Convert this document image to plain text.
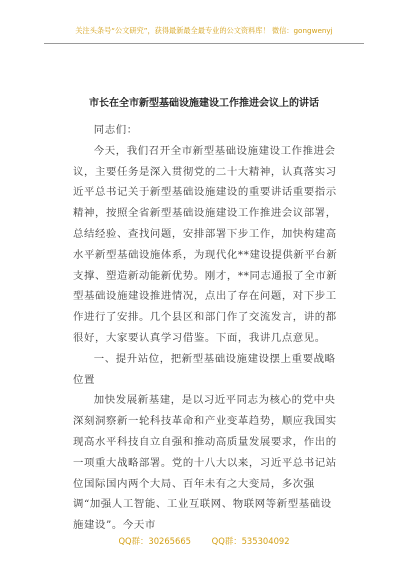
关注头条号“公文研究”，获得最新最全最专业的公文资料库！ 微信：gongwenyj
市长在全市新型基础设施建设工作推进会议上的讲话

同志们：

今天，我们召开全市新型基础设施建设工作推进会议，主要任务是深入贯彻党的二十大精神，认真落实习近平总书记关于新型基础设施建设的重要讲话重要指示精神，按照全省新型基础设施建设工作推进会议部署，总结经验、查找问题，安排部署下步工作，加快构建高水平新型基础设施体系，为现代化**建设提供新平台新支撑、塑造新动能新优势。刚才，**同志通报了全市新型基础设施建设推进情况，点出了存在问题，对下步工作进行了安排。几个县区和部门作了交流发言，讲的都很好，大家要认真学习借鉴。下面，我讲几点意见。

一、提升站位，把新型基础设施建设摆上重要战略位置

加快发展新基建，是以习近平同志为核心的党中央深刻洞察新一轮科技革命和产业变革趋势，顺应我国实现高水平科技自立自强和推动高质量发展要求，作出的一项重大战略部署。党的十八大以来，习近平总书记站位国际国内两个大局、百年未有之大变局，多次强调“加强人工智能、工业互联网、物联网等新型基础设施建设”。今天市

QQ群：30265665 QQ群：535304092
